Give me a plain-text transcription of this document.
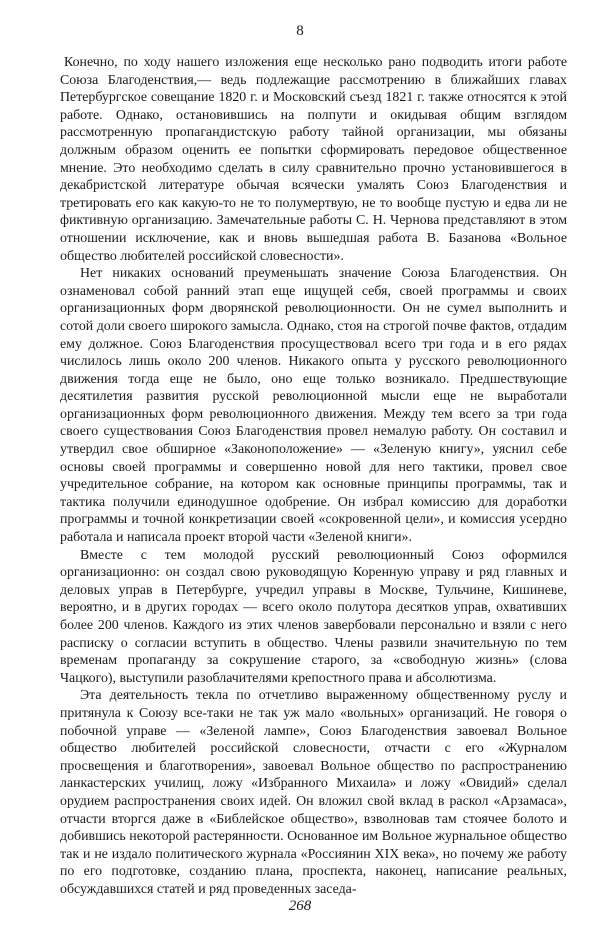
8

Конечно, по ходу нашего изложения еще несколько рано подводить итоги работе Союза Благоденствия,— ведь подлежащие рассмотрению в ближайших главах Петербургское совещание 1820 г. и Московский съезд 1821 г. также относятся к этой работе. Однако, остановившись на полпути и окидывая общим взглядом рассмотренную пропагандистскую работу тайной организации, мы обязаны должным образом оценить ее попытки сформировать передовое общественное мнение. Это необходимо сделать в силу сравнительно прочно установившегося в декабристской литературе обычая всячески умалять Союз Благоденствия и третировать его как какую-то не то полумертвую, не то вообще пустую и едва ли не фиктивную организацию. Замечательные работы С. Н. Чернова представляют в этом отношении исключение, как и вновь вышедшая работа В. Базанова «Вольное общество любителей российской словесности».

Нет никаких оснований преуменьшать значение Союза Благоденствия. Он ознаменовал собой ранний этап еще ищущей себя, своей программы и своих организационных форм дворянской революционности. Он не сумел выполнить и сотой доли своего широкого замысла. Однако, стоя на строгой почве фактов, отдадим ему должное. Союз Благоденствия просуществовал всего три года и в его рядах числилось лишь около 200 членов. Никакого опыта у русского революционного движения тогда еще не было, оно еще только возникало. Предшествующие десятилетия развития русской революционной мысли еще не выработали организационных форм революционного движения. Между тем всего за три года своего существования Союз Благоденствия провел немалую работу. Он составил и утвердил свое обширное «Законоположение» — «Зеленую книгу», уяснил себе основы своей программы и совершенно новой для него тактики, провел свое учредительное собрание, на котором как основные принципы программы, так и тактика получили единодушное одобрение. Он избрал комиссию для доработки программы и точной конкретизации своей «сокровенной цели», и комиссия усердно работала и написала проект второй части «Зеленой книги».

Вместе с тем молодой русский революционный Союз оформился организационно: он создал свою руководящую Коренную управу и ряд главных и деловых управ в Петербурге, учредил управы в Москве, Тульчине, Кишиневе, вероятно, и в других городах — всего около полутора десятков управ, охвативших более 200 членов. Каждого из этих членов завербовали персонально и взяли с него расписку о согласии вступить в общество. Члены развили значительную по тем временам пропаганду за сокрушение старого, за «свободную жизнь» (слова Чацкого), выступили разоблачителями крепостного права и абсолютизма.

Эта деятельность текла по отчетливо выраженному общественному руслу и притянула к Союзу все-таки не так уж мало «вольных» организаций. Не говоря о побочной управе — «Зеленой лампе», Союз Благоденствия завоевал Вольное общество любителей российской словесности, отчасти с его «Журналом просвещения и благотворения», завоевал Вольное общество по распространению ланкастерских училищ, ложу «Избранного Михаила» и ложу «Овидий» сделал орудием распространения своих идей. Он вложил свой вклад в раскол «Арзамаса», отчасти вторгся даже в «Библейское общество», взволновав там стоячее болото и добившись некоторой растерянности. Основанное им Вольное журнальное общество так и не издало политического журнала «Россиянин XIX века», но почему же работу по его подготовке, созданию плана, проспекта, наконец, написание реальных, обсуждавшихся статей и ряд проведенных заседа-

268
